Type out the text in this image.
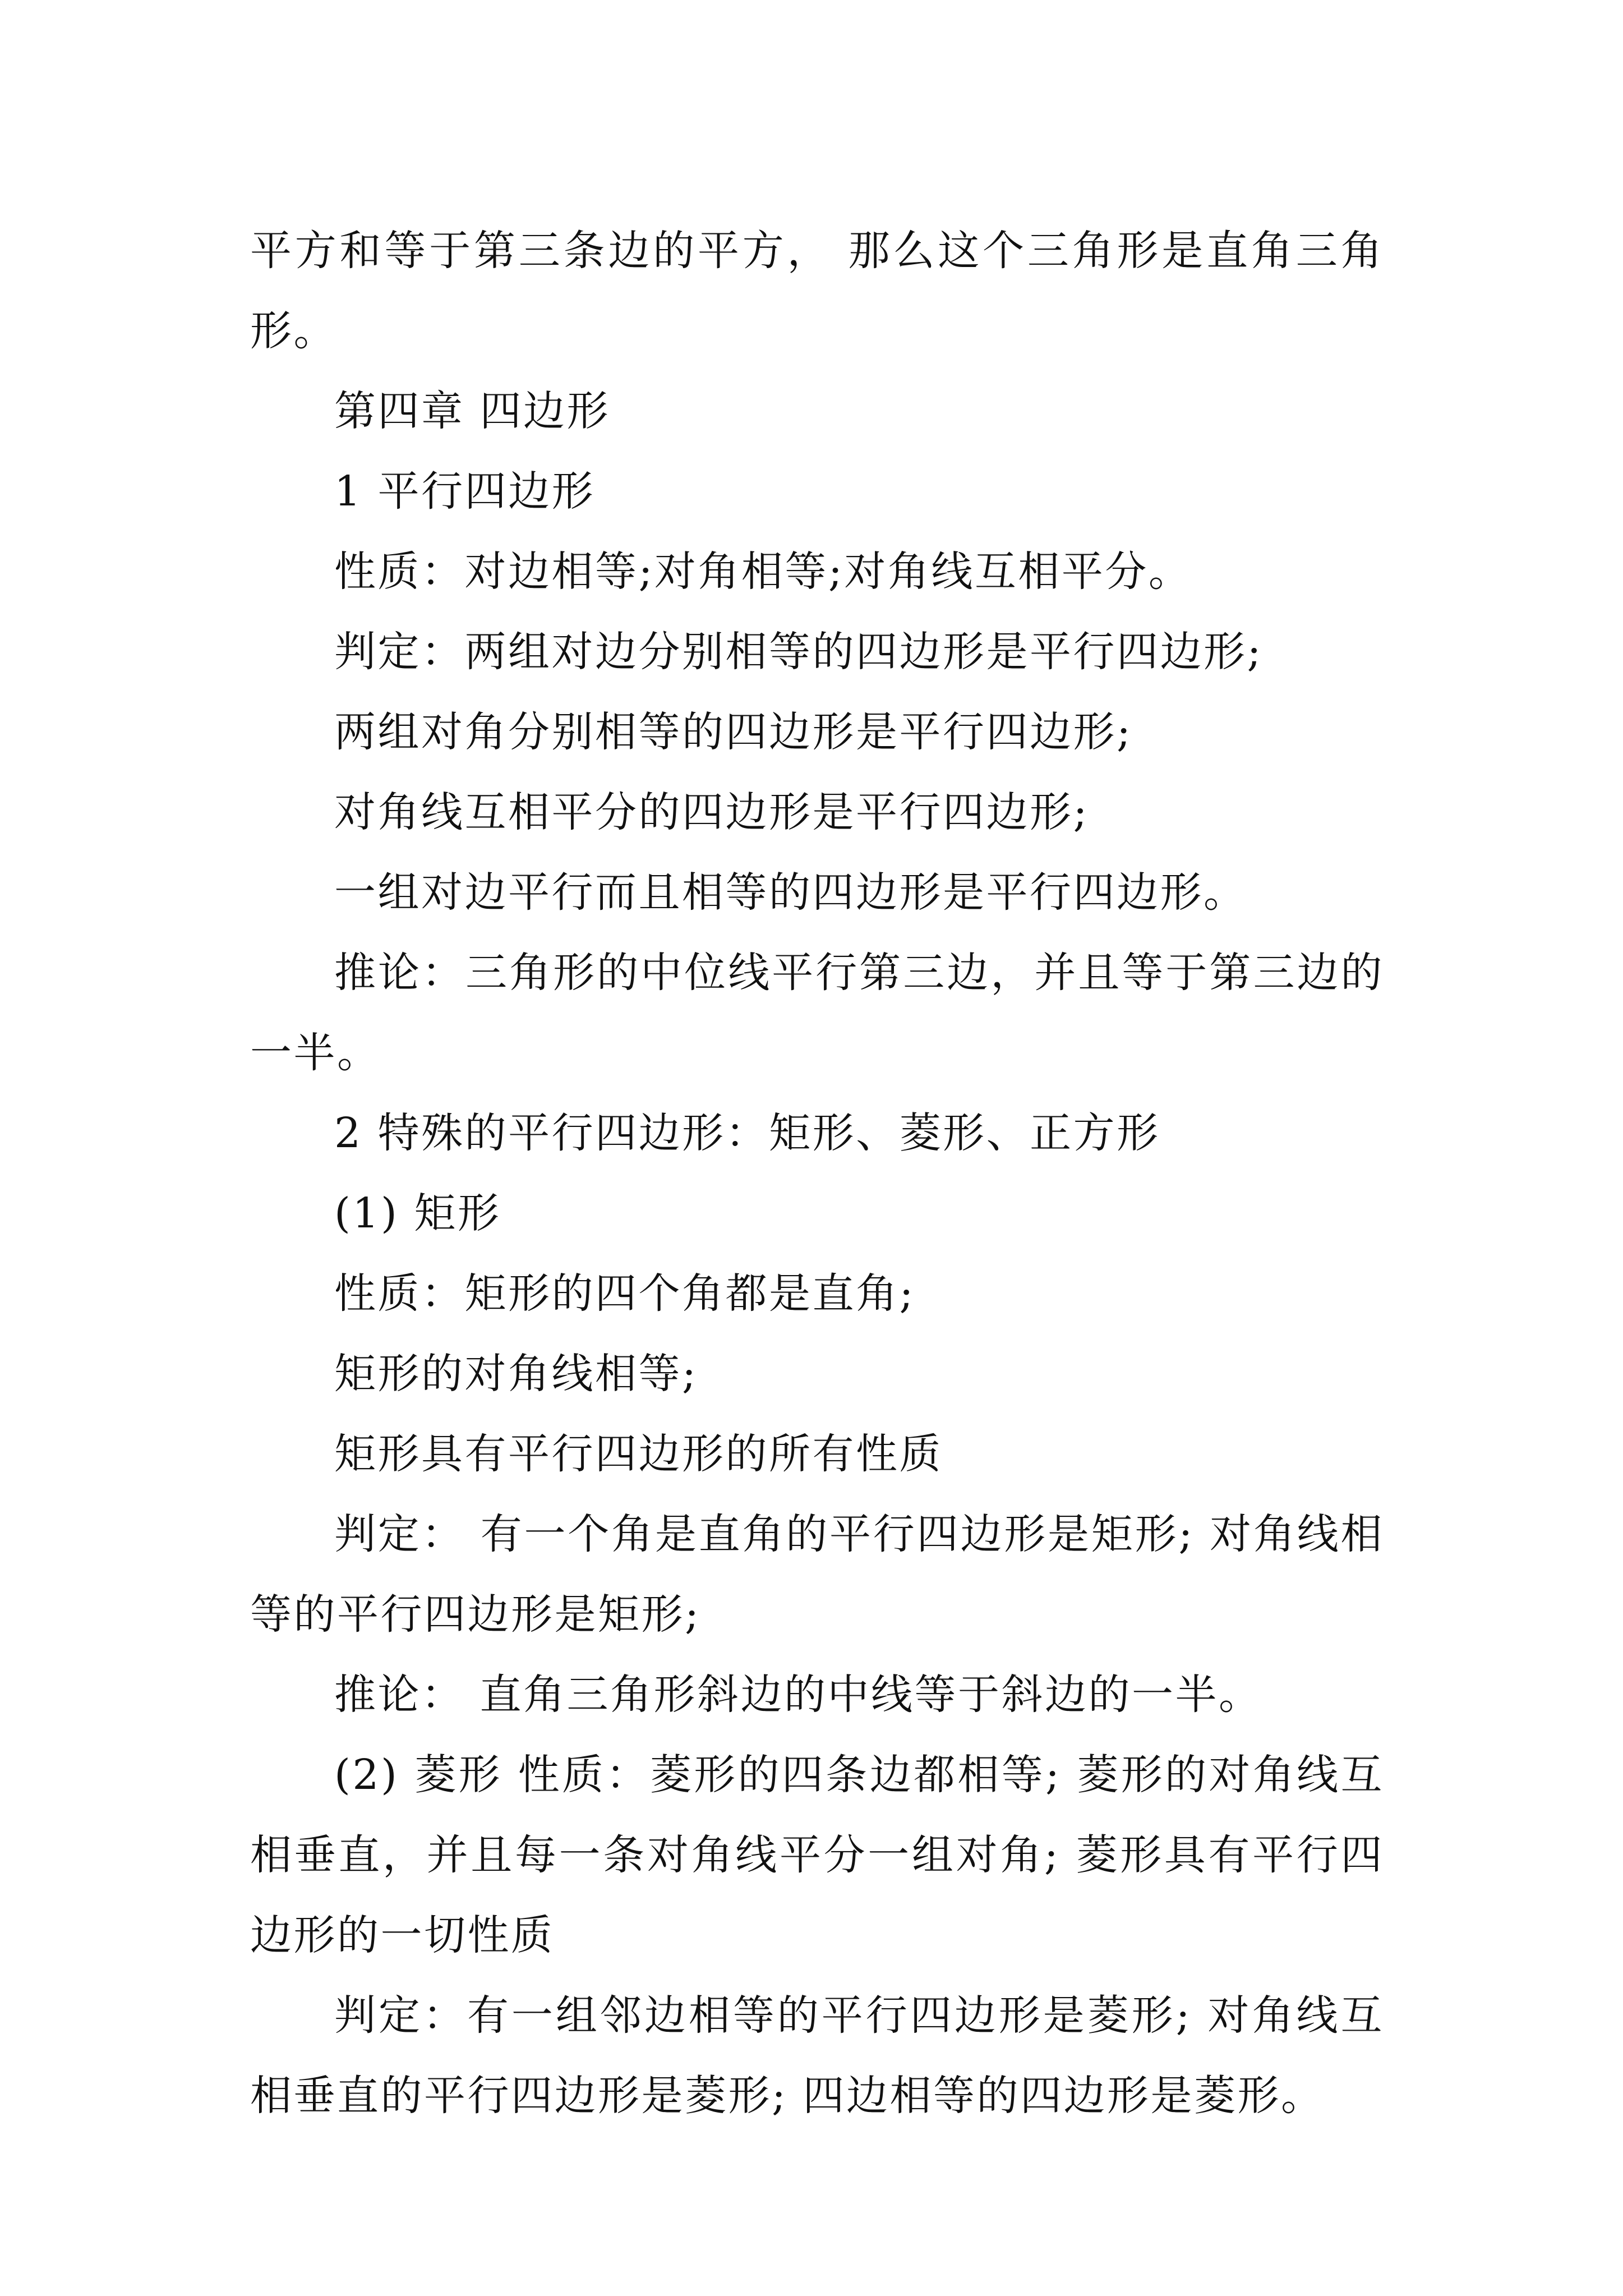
平方和等于第三条边的平方， 那么这个三角形是直角三角形。

第四章 四边形

1 平行四边形

性质：对边相等;对角相等;对角线互相平分。

判定：两组对边分别相等的四边形是平行四边形;

两组对角分别相等的四边形是平行四边形;

对角线互相平分的四边形是平行四边形;

一组对边平行而且相等的四边形是平行四边形。

推论：三角形的中位线平行第三边，并且等于第三边的一半。

2 特殊的平行四边形：矩形、菱形、正方形

(1) 矩形

性质：矩形的四个角都是直角;

矩形的对角线相等;

矩形具有平行四边形的所有性质

判定： 有一个角是直角的平行四边形是矩形; 对角线相等的平行四边形是矩形;

推论： 直角三角形斜边的中线等于斜边的一半。

(2) 菱形 性质：菱形的四条边都相等; 菱形的对角线互相垂直，并且每一条对角线平分一组对角; 菱形具有平行四边形的一切性质

判定：有一组邻边相等的平行四边形是菱形; 对角线互相垂直的平行四边形是菱形; 四边相等的四边形是菱形。
